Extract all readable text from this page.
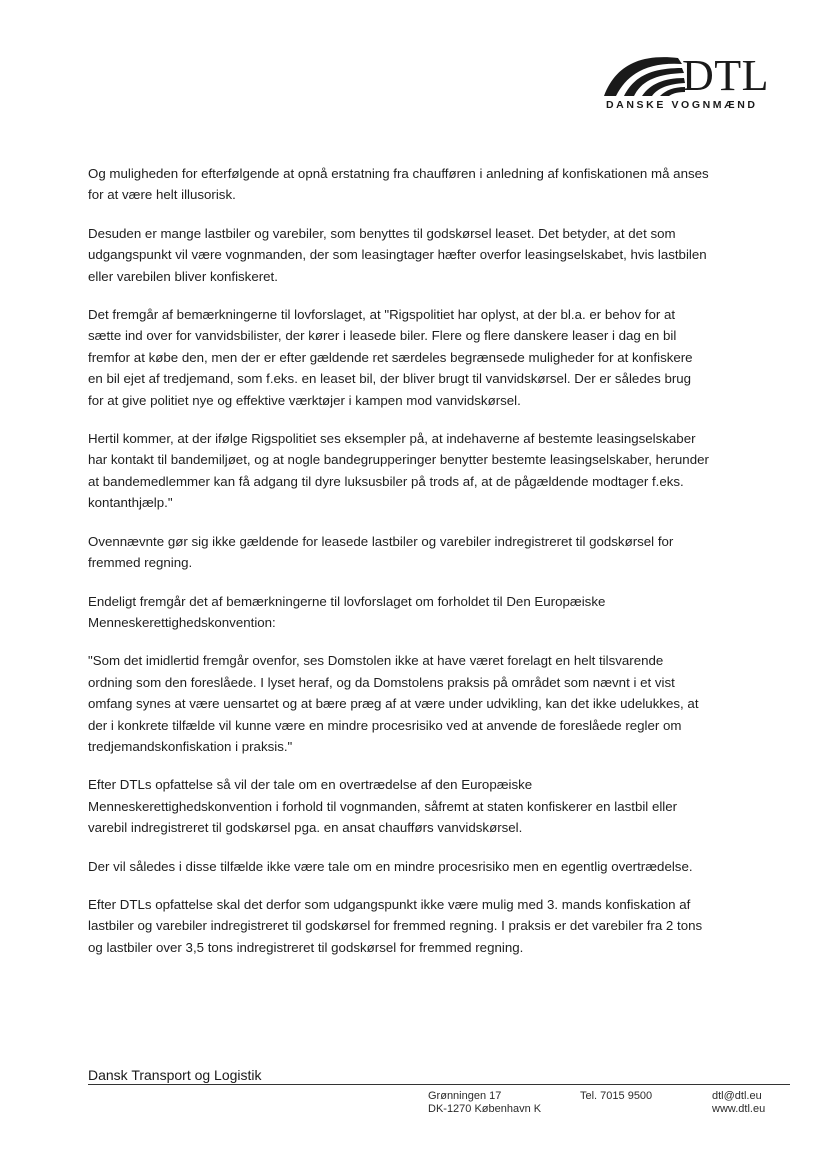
DTL
DANSKE VOGNMÆND

Og muligheden for efterfølgende at opnå erstatning fra chaufføren i anledning af konfiskationen må anses for at være helt illusorisk.

Desuden er mange lastbiler og varebiler, som benyttes til godskørsel leaset. Det betyder, at det som udgangspunkt vil være vognmanden, der som leasingtager hæfter overfor leasingselskabet, hvis lastbilen eller varebilen bliver konfiskeret.

Det fremgår af bemærkningerne til lovforslaget, at "Rigspolitiet har oplyst, at der bl.a. er behov for at sætte ind over for vanvidsbilister, der kører i leasede biler. Flere og flere danskere leaser i dag en bil fremfor at købe den, men der er efter gældende ret særdeles begrænsede muligheder for at konfiskere en bil ejet af tredjemand, som f.eks. en leaset bil, der bliver brugt til vanvidskørsel. Der er således brug for at give politiet nye og effektive værktøjer i kampen mod vanvidskørsel.

Hertil kommer, at der ifølge Rigspolitiet ses eksempler på, at indehaverne af bestemte leasingselskaber har kontakt til bandemiljøet, og at nogle bandegrupperinger benytter bestemte leasingselskaber, herunder at bandemedlemmer kan få adgang til dyre luksusbiler på trods af, at de pågældende modtager f.eks. kontanthjælp."

Ovennævnte gør sig ikke gældende for leasede lastbiler og varebiler indregistreret til godskørsel for fremmed regning.

Endeligt fremgår det af bemærkningerne til lovforslaget om forholdet til Den Europæiske Menneskerettighedskonvention:

"Som det imidlertid fremgår ovenfor, ses Domstolen ikke at have været forelagt en helt tilsvarende ordning som den foreslåede. I lyset heraf, og da Domstolens praksis på området som nævnt i et vist omfang synes at være uensartet og at bære præg af at være under udvikling, kan det ikke udelukkes, at der i konkrete tilfælde vil kunne være en mindre procesrisiko ved at anvende de foreslåede regler om tredjemandskonfiskation i praksis."

Efter DTLs opfattelse så vil der tale om en overtrædelse af den Europæiske Menneskerettighedskonvention i forhold til vognmanden, såfremt at staten konfiskerer en lastbil eller varebil indregistreret til godskørsel pga. en ansat chaufførs vanvidskørsel.

Der vil således i disse tilfælde ikke være tale om en mindre procesrisiko men en egentlig overtrædelse.

Efter DTLs opfattelse skal det derfor som udgangspunkt ikke være mulig med 3. mands konfiskation af lastbiler og varebiler indregistreret til godskørsel for fremmed regning. I praksis er det varebiler fra 2 tons og lastbiler over 3,5 tons indregistreret til godskørsel for fremmed regning.

Dansk Transport og Logistik
Grønningen 17
DK-1270 København K
Tel. 7015 9500	dtl@dtl.eu
www.dtl.eu
